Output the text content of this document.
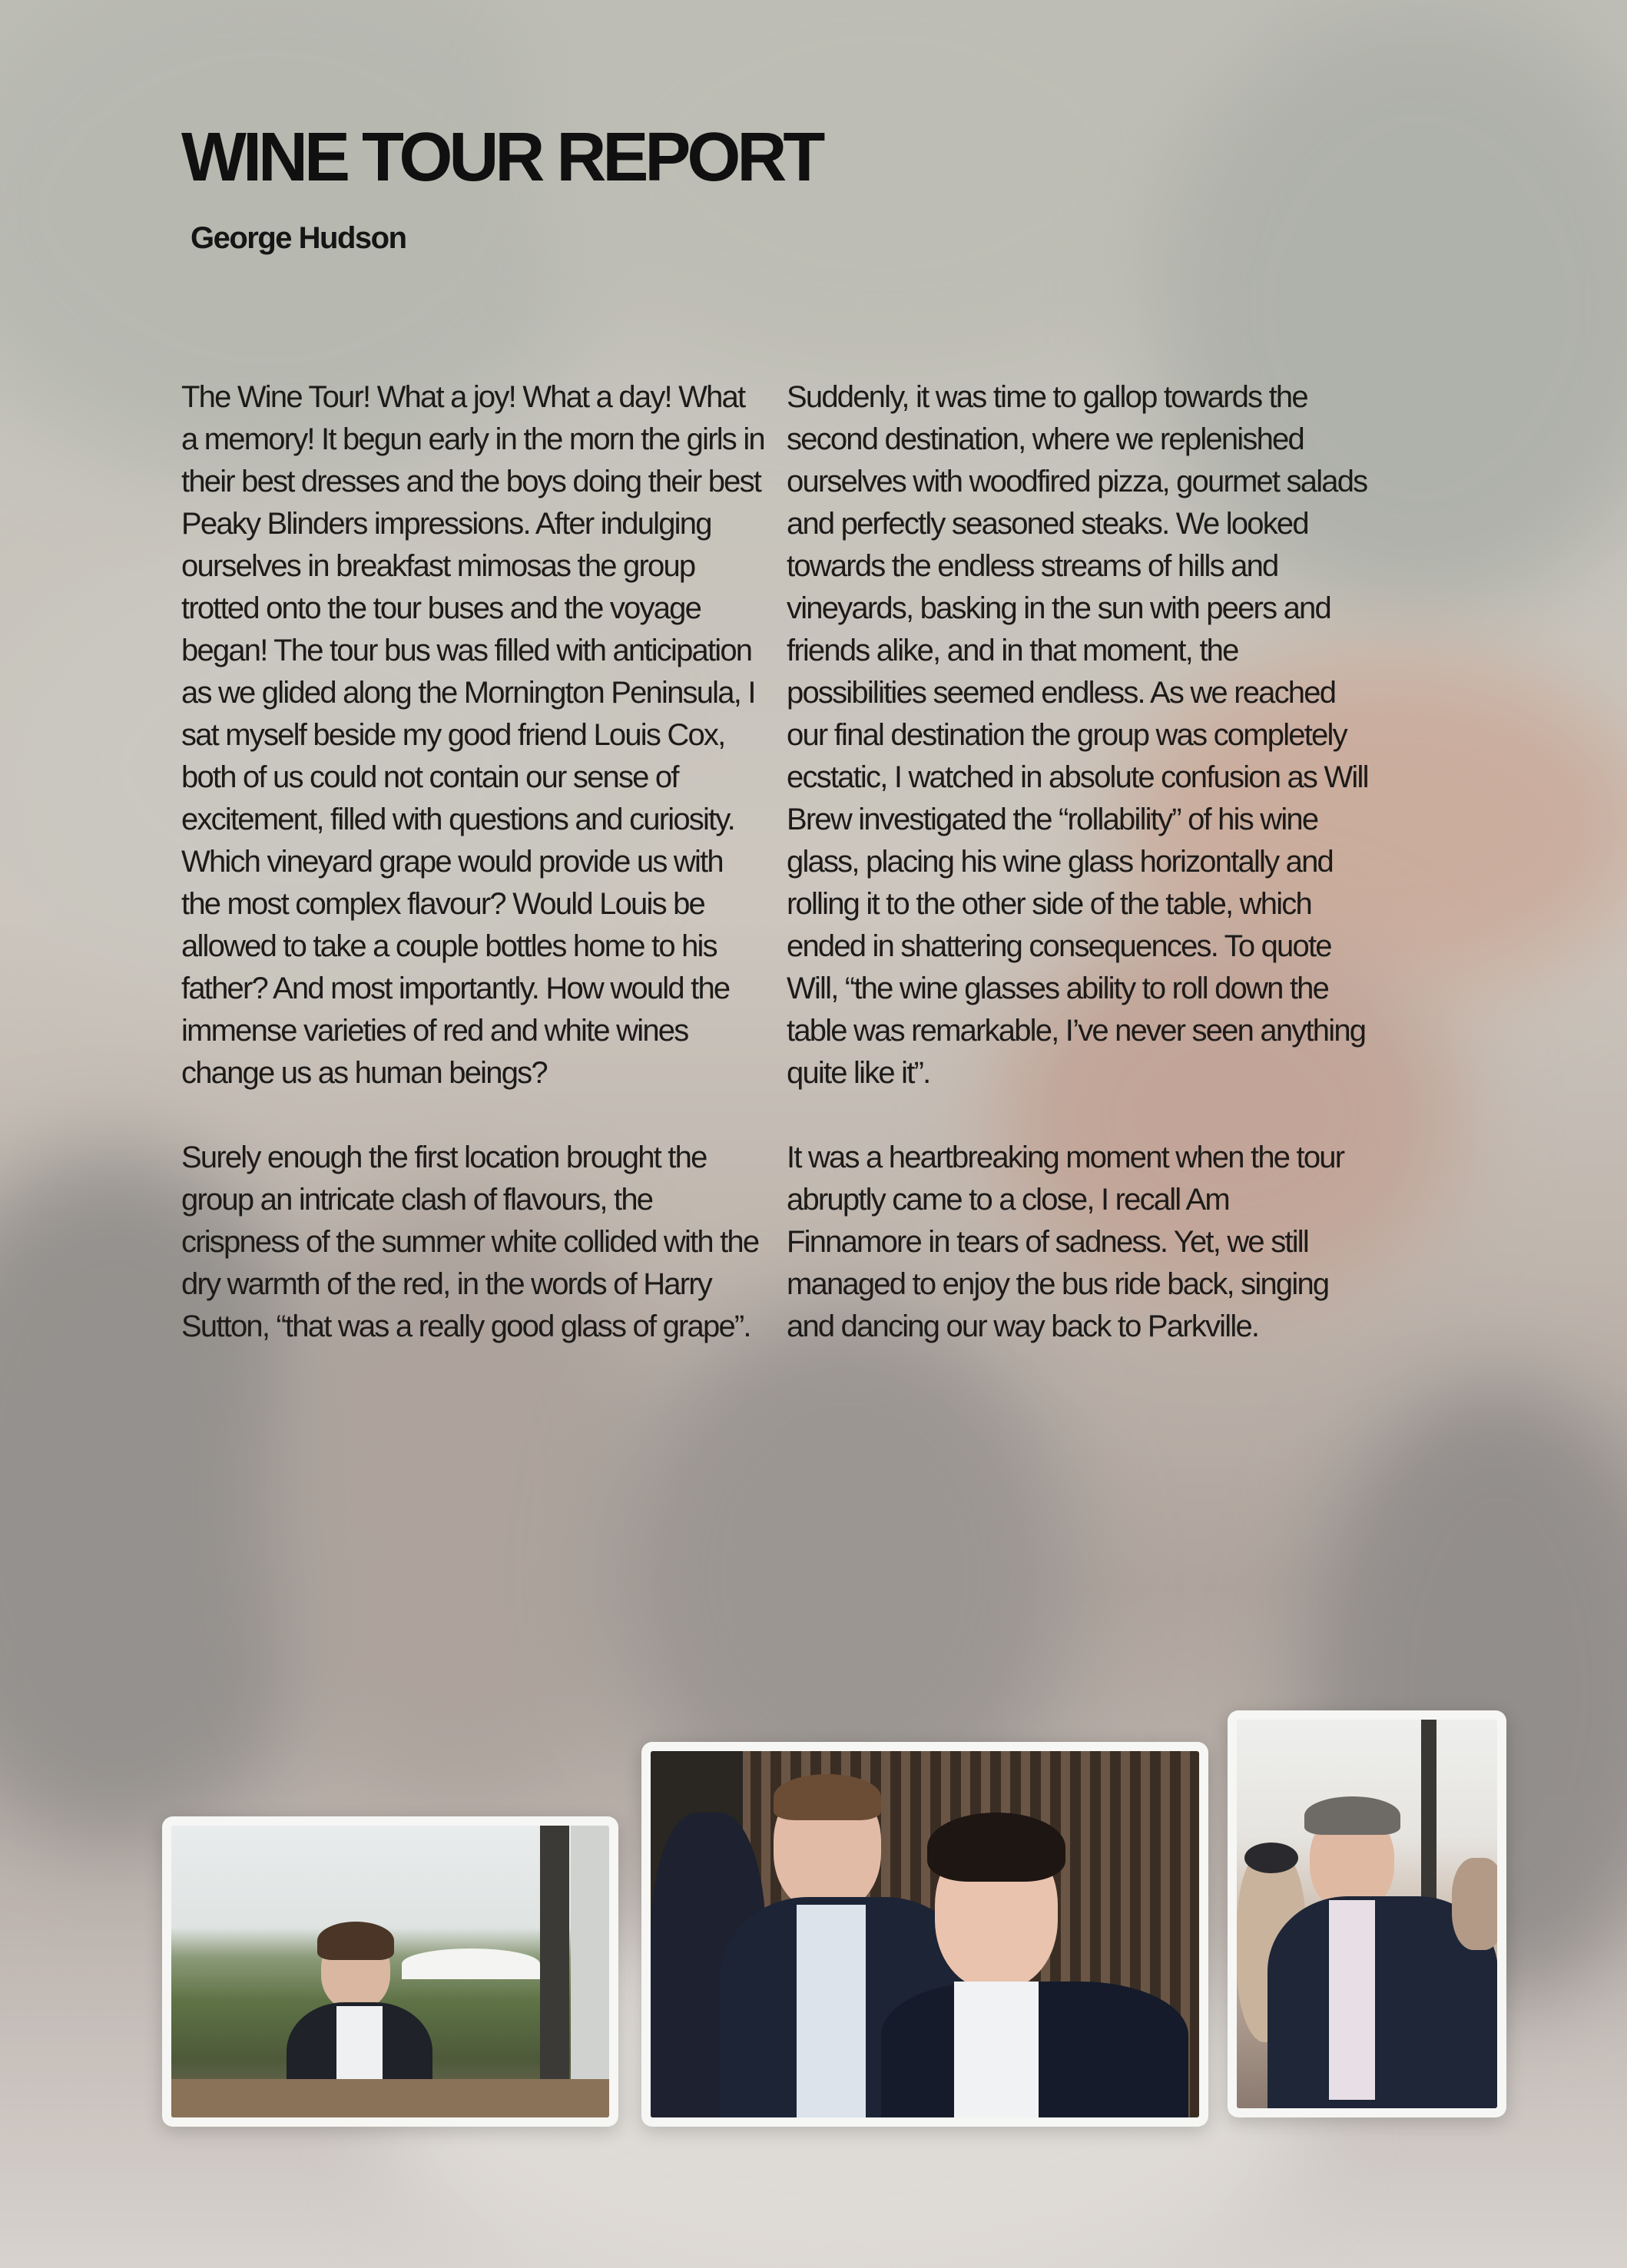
WINE TOUR REPORT
George Hudson

The Wine Tour! What a joy! What a day! What a memory! It begun early in the morn the girls in their best dresses and the boys doing their best Peaky Blinders impressions. After indulging ourselves in breakfast mimosas the group trotted onto the tour buses and the voyage began! The tour bus was filled with anticipation as we glided along the Mornington Peninsula, I sat myself beside my good friend Louis Cox, both of us could not contain our sense of excitement, filled with questions and curiosity. Which vineyard grape would provide us with the most complex flavour? Would Louis be allowed to take a couple bottles home to his father? And most importantly. How would the immense varieties of red and white wines change us as human beings?

Surely enough the first location brought the group an intricate clash of flavours, the crispness of the summer white collided with the dry warmth of the red, in the words of Harry Sutton, “that was a really good glass of grape”.

Suddenly, it was time to gallop towards the second destination, where we replenished ourselves with woodfired pizza, gourmet salads and perfectly seasoned steaks. We looked towards the endless streams of hills and vineyards, basking in the sun with peers and friends alike, and in that moment, the possibilities seemed endless. As we reached our final destination the group was completely ecstatic, I watched in absolute confusion as Will Brew investigated the “rollability” of his wine glass, placing his wine glass horizontally and rolling it to the other side of the table, which ended in shattering consequences. To quote Will, “the wine glasses ability to roll down the table was remarkable, I’ve never seen anything quite like it”.

It was a heartbreaking moment when the tour abruptly came to a close, I recall Am Finnamore in tears of sadness. Yet, we still managed to enjoy the bus ride back, singing and dancing our way back to Parkville.
